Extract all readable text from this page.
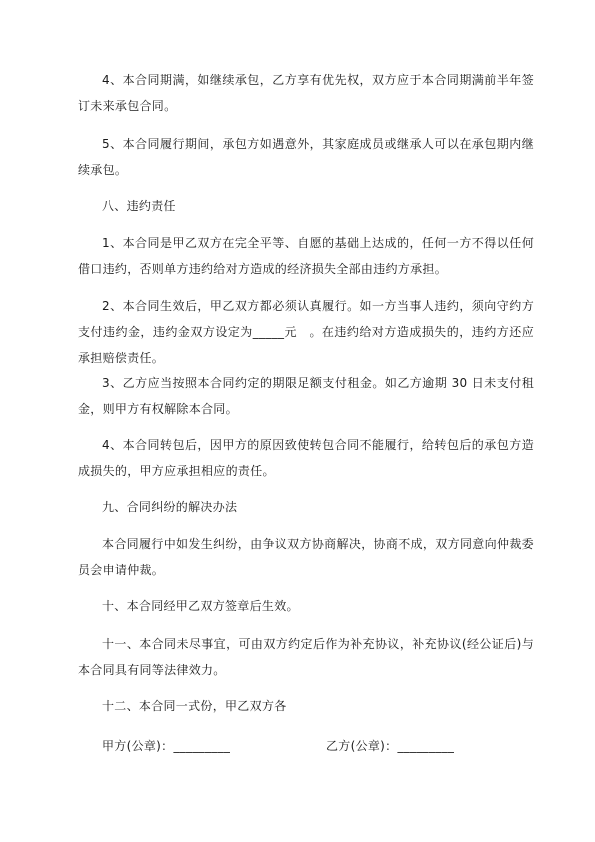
4、本合同期满，如继续承包，乙方享有优先权，双方应于本合同期满前半年签订未来承包合同。
5、本合同履行期间，承包方如遇意外，其家庭成员或继承人可以在承包期内继续承包。
八、违约责任
1、本合同是甲乙双方在完全平等、自愿的基础上达成的，任何一方不得以任何借口违约，否则单方违约给对方造成的经济损失全部由违约方承担。
2、本合同生效后，甲乙双方都必须认真履行。如一方当事人违约，须向守约方支付违约金，违约金双方设定为_____元　。在违约给对方造成损失的，违约方还应承担赔偿责任。
3、乙方应当按照本合同约定的期限足额支付租金。如乙方逾期 30 日未支付租金，则甲方有权解除本合同。
4、本合同转包后，因甲方的原因致使转包合同不能履行，给转包后的承包方造成损失的，甲方应承担相应的责任。
九、合同纠纷的解决办法
本合同履行中如发生纠纷，由争议双方协商解决，协商不成，双方同意向仲裁委员会申请仲裁。
十、本合同经甲乙双方签章后生效。
十一、本合同未尽事宜，可由双方约定后作为补充协议，补充协议(经公证后)与本合同具有同等法律效力。
十二、本合同一式份，甲乙双方各
甲方(公章)：_________	乙方(公章)：_________
